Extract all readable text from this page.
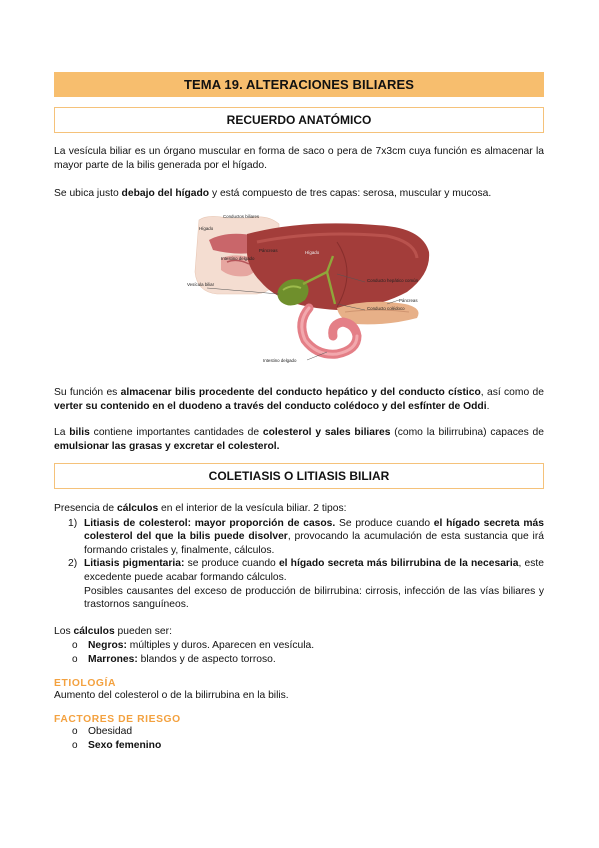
TEMA 19. ALTERACIONES BILIARES
RECUERDO ANATÓMICO

La vesícula biliar es un órgano muscular en forma de saco o pera de 7x3cm cuya función es almacenar la mayor parte de la bilis generada por el hígado.

Se ubica justo debajo del hígado y está compuesto de tres capas: serosa, muscular y mucosa.

Conductos biliares
Hígado
Páncreas
Intestino delgado
Hígado
Vesícula biliar
Conducto hepático común
Páncreas
Conducto colédoco
Intestino delgado

Su función es almacenar bilis procedente del conducto hepático y del conducto cístico, así como de verter su contenido en el duodeno a través del conducto colédoco y del esfínter de Oddi.

La bilis contiene importantes cantidades de colesterol y sales biliares (como la bilirrubina) capaces de emulsionar las grasas y excretar el colesterol.

COLETIASIS O LITIASIS BILIAR

Presencia de cálculos en el interior de la vesícula biliar. 2 tipos:

1) Litiasis de colesterol: mayor proporción de casos. Se produce cuando el hígado secreta más colesterol del que la bilis puede disolver, provocando la acumulación de esta sustancia que irá formando cristales y, finalmente, cálculos.
2) Litiasis pigmentaria: se produce cuando el hígado secreta más bilirrubina de la necesaria, este excedente puede acabar formando cálculos.
Posibles causantes del exceso de producción de bilirrubina: cirrosis, infección de las vías biliares y trastornos sanguíneos.

Los cálculos pueden ser:

o Negros: múltiples y duros. Aparecen en vesícula.
o Marrones: blandos y de aspecto torroso.
ETIOLOGÍA

Aumento del colesterol o de la bilirrubina en la bilis.

FACTORES DE RIESGO
o Obesidad
o Sexo femenino
